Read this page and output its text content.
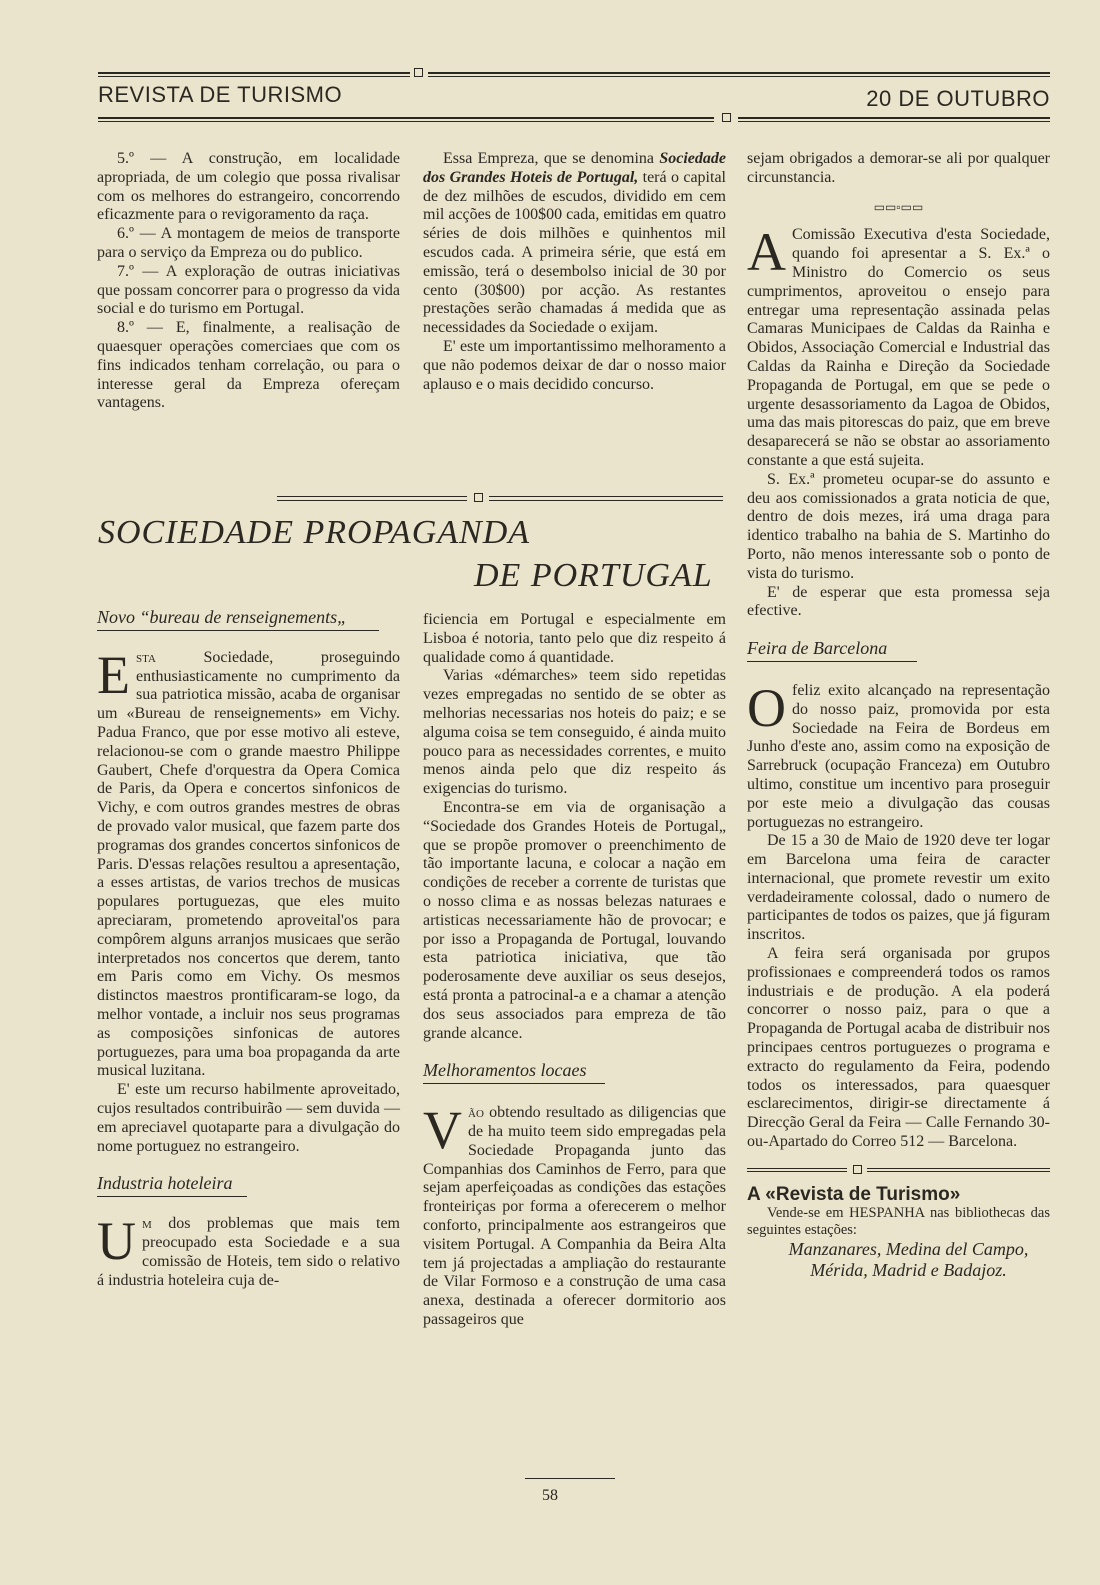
REVISTA DE TURISMO	20 DE OUTUBRO

5.º — A construção, em localidade apropriada, de um colegio que possa rivalisar com os melhores do estrangeiro, concorrendo eficazmente para o revigoramento da raça.

6.º — A montagem de meios de transporte para o serviço da Empreza ou do publico.

7.º — A exploração de outras iniciativas que possam concorrer para o progresso da vida social e do turismo em Portugal.

8.º — E, finalmente, a realisação de quaesquer operações comerciaes que com os fins indicados tenham correlação, ou para o interesse geral da Empreza ofereçam vantagens.

Essa Empreza, que se denomina Sociedade dos Grandes Hoteis de Portugal, terá o capital de dez milhões de escudos, dividido em cem mil acções de 100$00 cada, emitidas em quatro séries de dois milhões e quinhentos mil escudos cada. A primeira série, que está em emissão, terá o desembolso inicial de 30 por cento (30$00) por acção. As restantes prestações serão chamadas á medida que as necessidades da Sociedade o exijam.

E' este um importantissimo melhoramento a que não podemos deixar de dar o nosso maior aplauso e o mais decidido concurso.

SOCIEDADE PROPAGANDA
DE PORTUGAL
Novo “bureau de renseignements„

Esta Sociedade, proseguindo enthusiasticamente no cumprimento da sua patriotica missão, acaba de organisar um «Bureau de renseignements» em Vichy. Padua Franco, que por esse motivo ali esteve, relacionou-se com o grande maestro Philippe Gaubert, Chefe d'orquestra da Opera Comica de Paris, da Opera e concertos sinfonicos de Vichy, e com outros grandes mestres de obras de provado valor musical, que fazem parte dos programas dos grandes concertos sinfonicos de Paris. D'essas relações resultou a apresentação, a esses artistas, de varios trechos de musicas populares portuguezas, que eles muito apreciaram, prometendo aproveital'os para compôrem alguns arranjos musicaes que serão interpretados nos concertos que derem, tanto em Paris como em Vichy. Os mesmos distinctos maestros prontificaram-se logo, da melhor vontade, a incluir nos seus programas as composições sinfonicas de autores portuguezes, para uma boa propaganda da arte musical luzitana.

E' este um recurso habilmente aproveitado, cujos resultados contribuirão — sem duvida — em apreciavel quotaparte para a divulgação do nome portuguez no estrangeiro.

Industria hoteleira

Um dos problemas que mais tem preocupado esta Sociedade e a sua comissão de Hoteis, tem sido o relativo á industria hoteleira cuja de-

ficiencia em Portugal e especialmente em Lisboa é notoria, tanto pelo que diz respeito á qualidade como á quantidade.

Varias «démarches» teem sido repetidas vezes empregadas no sentido de se obter as melhorias necessarias nos hoteis do paiz; e se alguma coisa se tem conseguido, é ainda muito pouco para as necessidades correntes, e muito menos ainda pelo que diz respeito ás exigencias do turismo.

Encontra-se em via de organisação a “Sociedade dos Grandes Hoteis de Portugal„ que se propõe promover o preenchimento de tão importante lacuna, e colocar a nação em condições de receber a corrente de turistas que o nosso clima e as nossas belezas naturaes e artisticas necessariamente hão de provocar; e por isso a Propaganda de Portugal, louvando esta patriotica iniciativa, que tão poderosamente deve auxiliar os seus desejos, está pronta a patrocinal-a e a chamar a atenção dos seus associados para empreza de tão grande alcance.

Melhoramentos locaes

Vão obtendo resultado as diligencias que de ha muito teem sido empregadas pela Sociedade Propaganda junto das Companhias dos Caminhos de Ferro, para que sejam aperfeiçoadas as condições das estações fronteiriças por forma a oferecerem o melhor conforto, principalmente aos estrangeiros que visitem Portugal. A Companhia da Beira Alta tem já projectadas a ampliação do restaurante de Vilar Formoso e a construção de uma casa anexa, destinada a oferecer dormitorio aos passageiros que

sejam obrigados a demorar-se ali por qualquer circunstancia.

▭▭▫▭▭

A Comissão Executiva d'esta Sociedade, quando foi apresentar a S. Ex.ª o Ministro do Comercio os seus cumprimentos, aproveitou o ensejo para entregar uma representação assinada pelas Camaras Municipaes de Caldas da Rainha e Obidos, Associação Comercial e Industrial das Caldas da Rainha e Direção da Sociedade Propaganda de Portugal, em que se pede o urgente desassoriamento da Lagoa de Obidos, uma das mais pitorescas do paiz, que em breve desaparecerá se não se obstar ao assoriamento constante a que está sujeita.

S. Ex.ª prometeu ocupar-se do assunto e deu aos comissionados a grata noticia de que, dentro de dois mezes, irá uma draga para identico trabalho na bahia de S. Martinho do Porto, não menos interessante sob o ponto de vista do turismo.

E' de esperar que esta promessa seja efective.

Feira de Barcelona

O feliz exito alcançado na representação do nosso paiz, promovida por esta Sociedade na Feira de Bordeus em Junho d'este ano, assim como na exposição de Sarrebruck (ocupação Franceza) em Outubro ultimo, constitue um incentivo para proseguir por este meio a divulgação das cousas portuguezas no estrangeiro.

De 15 a 30 de Maio de 1920 deve ter logar em Barcelona uma feira de caracter internacional, que promete revestir um exito verdadeiramente colossal, dado o numero de participantes de todos os paizes, que já figuram inscritos.

A feira será organisada por grupos profissionaes e compreenderá todos os ramos industriais e de produção. A ela poderá concorrer o nosso paiz, para o que a Propaganda de Portugal acaba de distribuir nos principaes centros portuguezes o programa e extracto do regulamento da Feira, podendo todos os interessados, para quaesquer esclarecimentos, dirigir-se directamente á Direcção Geral da Feira — Calle Fernando 30-ou-Apartado do Correo 512 — Barcelona.

A «Revista de Turismo»

Vende-se em HESPANHA nas bibliothecas das seguintes estações:

Manzanares, Medina del Campo,

Mérida, Madrid e Badajoz.

58
